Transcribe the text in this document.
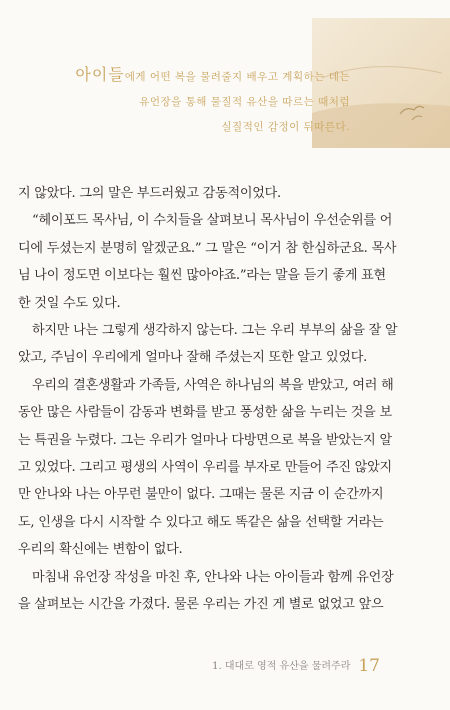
아이들에게 어떤 복을 물려줄지 배우고 계획하는 데는
유언장을 통해 물질적 유산을 따르는 때처럼
실질적인 감정이 뒤따른다.
지 않았다. 그의 말은 부드러웠고 감동적이었다.
“헤이포드 목사님, 이 수치들을 살펴보니 목사님이 우선순위를 어
디에 두셨는지 분명히 알겠군요.” 그 말은 “이거 참 한심하군요. 목사
님 나이 정도면 이보다는 훨씬 많아야죠.”라는 말을 듣기 좋게 표현
한 것일 수도 있다.
하지만 나는 그렇게 생각하지 않는다. 그는 우리 부부의 삶을 잘 알
았고, 주님이 우리에게 얼마나 잘해 주셨는지 또한 알고 있었다.
우리의 결혼생활과 가족들, 사역은 하나님의 복을 받았고, 여러 해
동안 많은 사람들이 감동과 변화를 받고 풍성한 삶을 누리는 것을 보
는 특권을 누렸다. 그는 우리가 얼마나 다방면으로 복을 받았는지 알
고 있었다. 그리고 평생의 사역이 우리를 부자로 만들어 주진 않았지
만 안나와 나는 아무런 불만이 없다. 그때는 물론 지금 이 순간까지
도, 인생을 다시 시작할 수 있다고 해도 똑같은 삶을 선택할 거라는
우리의 확신에는 변함이 없다.
마침내 유언장 작성을 마친 후, 안나와 나는 아이들과 함께 유언장
을 살펴보는 시간을 가졌다. 물론 우리는 가진 게 별로 없었고 앞으
1. 대대로 영적 유산을 물려주라 17
